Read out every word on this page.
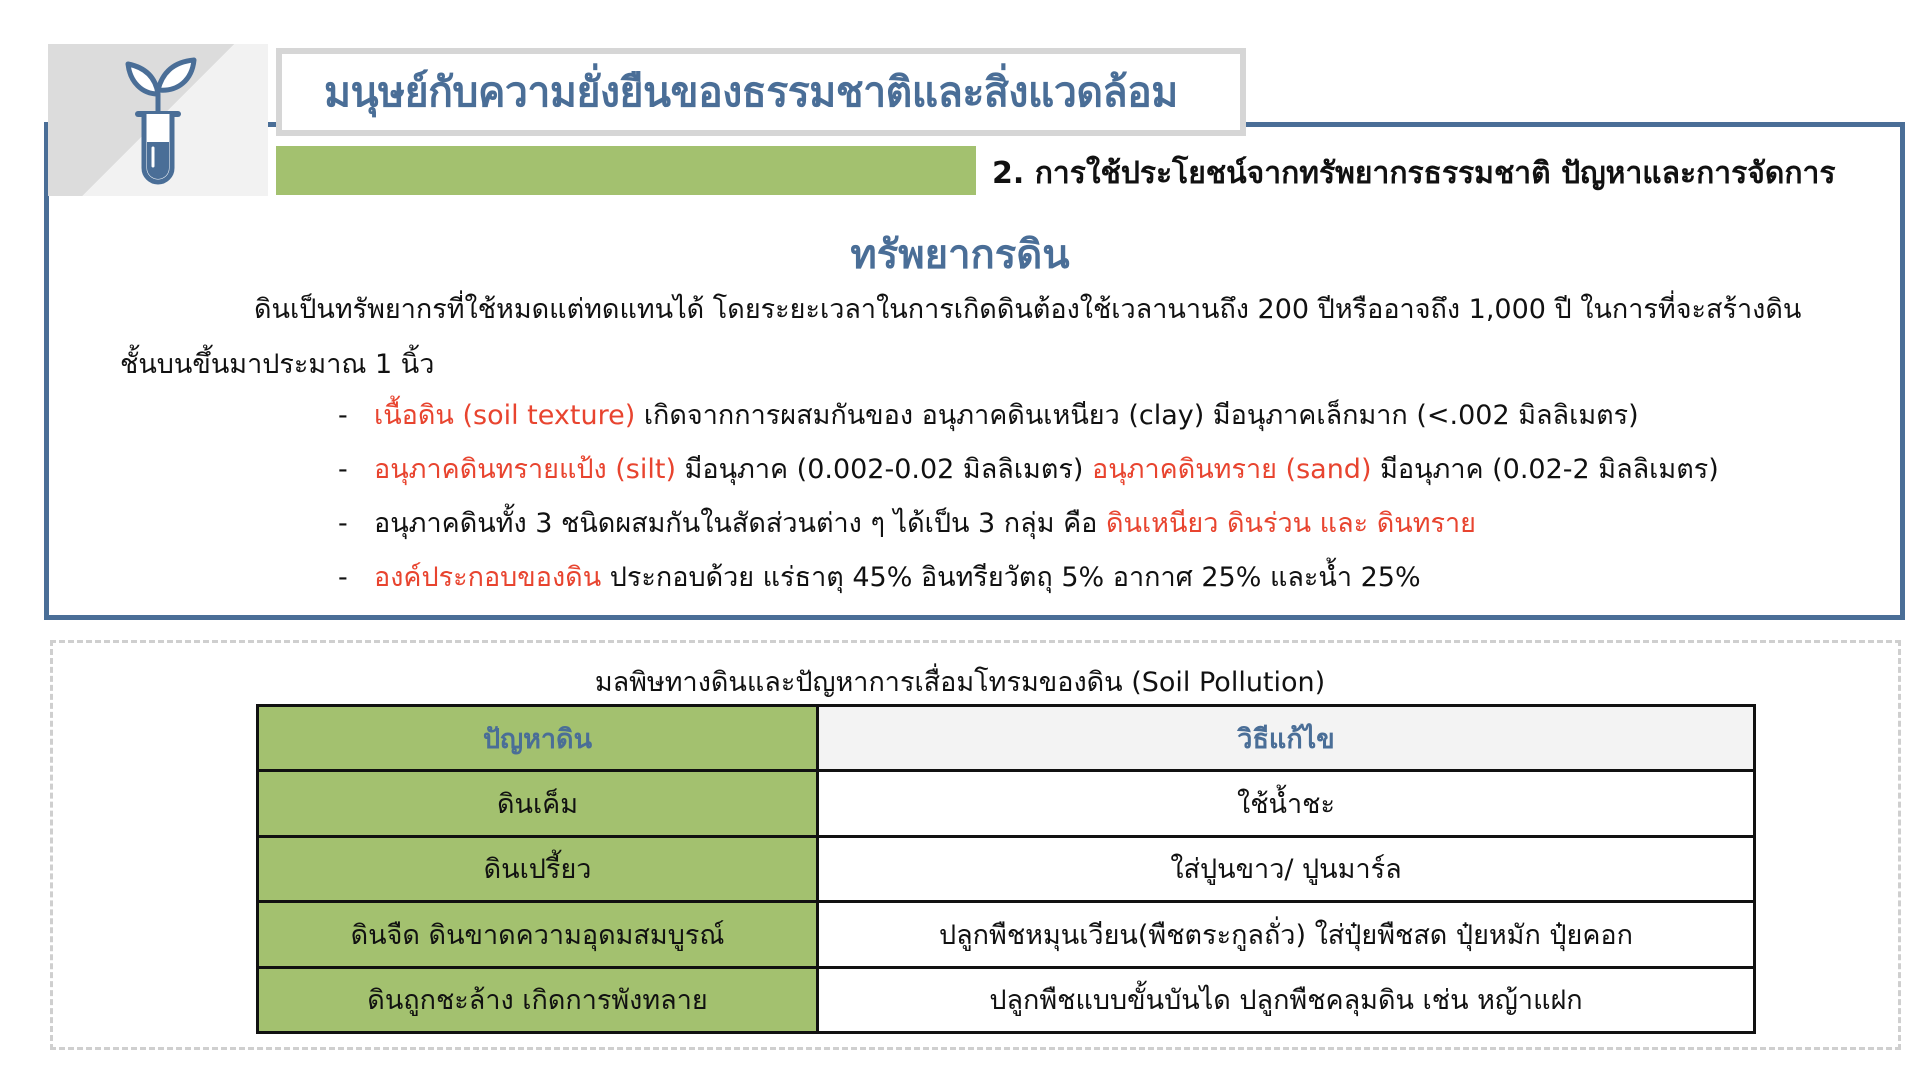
มนุษย์กับความยั่งยืนของธรรมชาติและสิ่งแวดล้อม
2. การใช้ประโยชน์จากทรัพยากรธรรมชาติ ปัญหาและการจัดการ
ทรัพยากรดิน
ดินเป็นทรัพยากรที่ใช้หมดแต่ทดแทนได้ โดยระยะเวลาในการเกิดดินต้องใช้เวลานานถึง 200 ปีหรืออาจถึง 1,000 ปี ในการที่จะสร้างดินชั้นบนขึ้นมาประมาณ 1 นิ้ว
- เนื้อดิน (soil texture) เกิดจากการผสมกันของ อนุภาคดินเหนียว (clay) มีอนุภาคเล็กมาก (<.002 มิลลิเมตร)
- อนุภาคดินทรายแป้ง (silt) มีอนุภาค (0.002-0.02 มิลลิเมตร) อนุภาคดินทราย (sand) มีอนุภาค (0.02-2 มิลลิเมตร)
- อนุภาคดินทั้ง 3 ชนิดผสมกันในสัดส่วนต่าง ๆ ได้เป็น 3 กลุ่ม คือ ดินเหนียว ดินร่วน และ ดินทราย
- องค์ประกอบของดิน ประกอบด้วย แร่ธาตุ 45% อินทรียวัตถุ 5% อากาศ 25% และน้ำ 25%
มลพิษทางดินและปัญหาการเสื่อมโทรมของดิน (Soil Pollution)
ปัญหาดิน	วิธีแก้ไข
ดินเค็ม	ใช้น้ำชะ
ดินเปรี้ยว	ใส่ปูนขาว/ ปูนมาร์ล
ดินจืด ดินขาดความอุดมสมบูรณ์	ปลูกพืชหมุนเวียน(พืชตระกูลถั่ว) ใส่ปุ๋ยพืชสด ปุ๋ยหมัก ปุ๋ยคอก
ดินถูกชะล้าง เกิดการพังทลาย	ปลูกพืชแบบขั้นบันได ปลูกพืชคลุมดิน เช่น หญ้าแฝก
